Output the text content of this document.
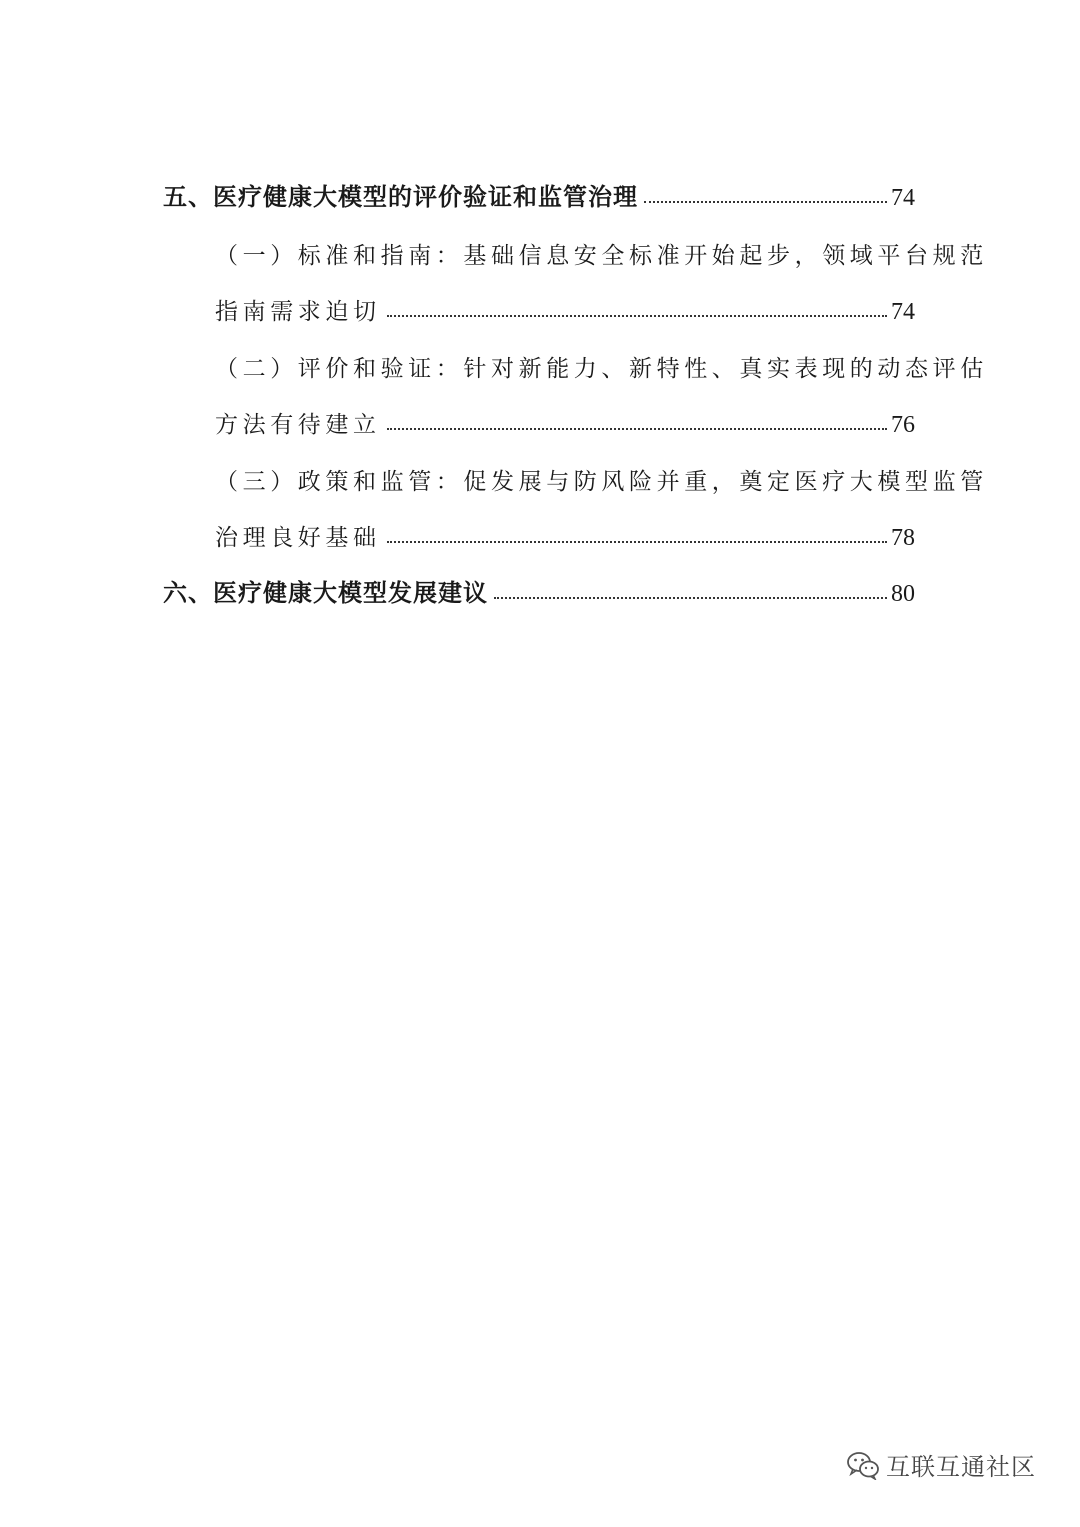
五、医疗健康大模型的评价验证和监管治理	74
（一）标准和指南：基础信息安全标准开始起步，领域平台规范
指南需求迫切	74
（二）评价和验证：针对新能力、新特性、真实表现的动态评估
方法有待建立	76
（三）政策和监管：促发展与防风险并重，奠定医疗大模型监管
治理良好基础	78
六、医疗健康大模型发展建议	80
互联互通社区
